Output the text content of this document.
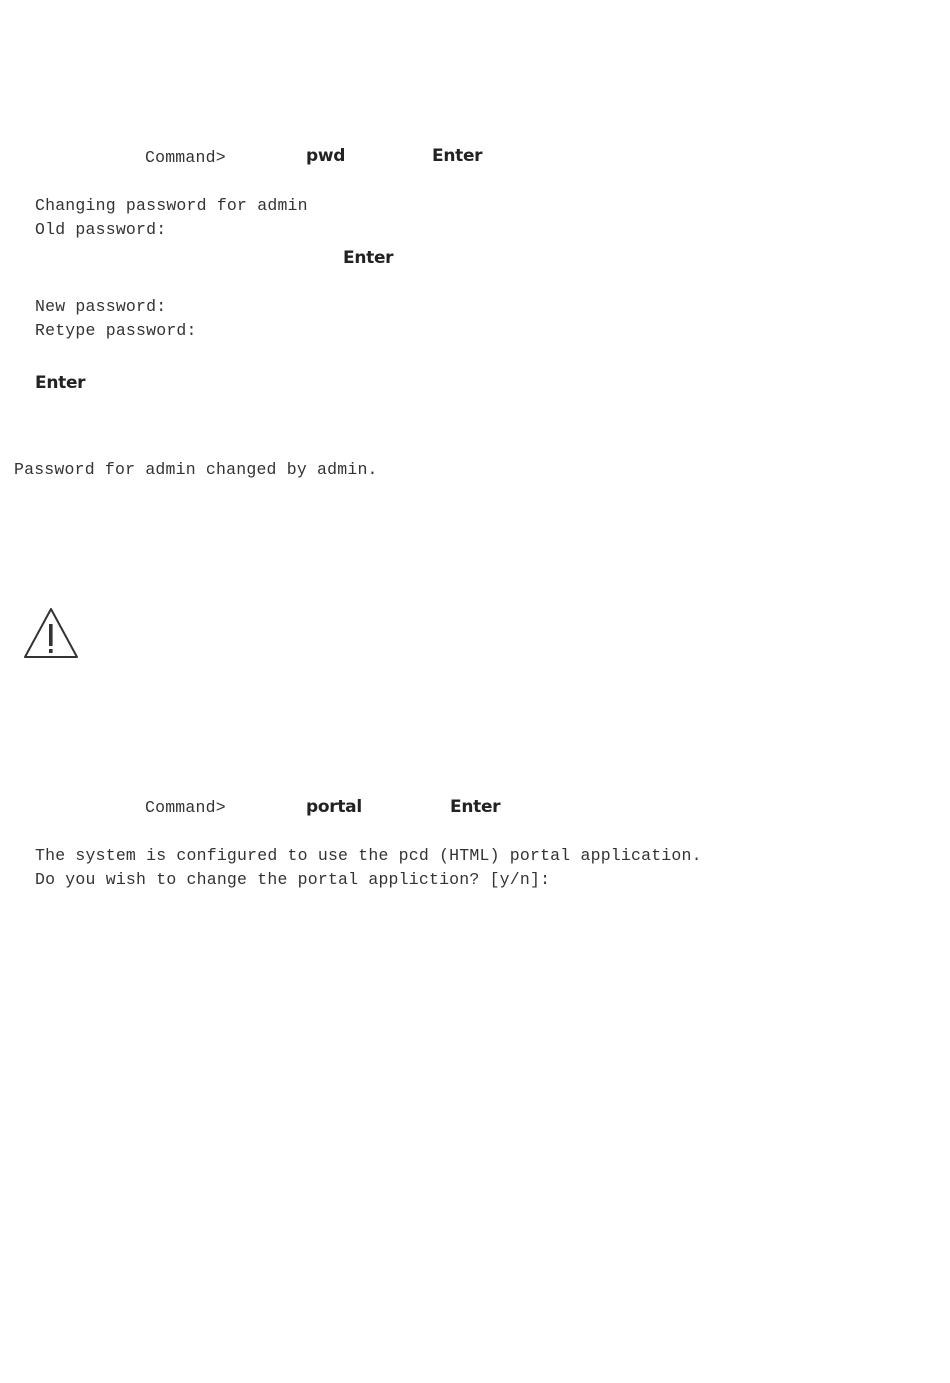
Command>	pwd	Enter
Changing password for admin
Old password:
Enter
New password:
Retype password:
Enter
Password for admin changed by admin.
Command>	portal	Enter
The system is configured to use the pcd (HTML) portal application.
Do you wish to change the portal appliction? [y/n]:
